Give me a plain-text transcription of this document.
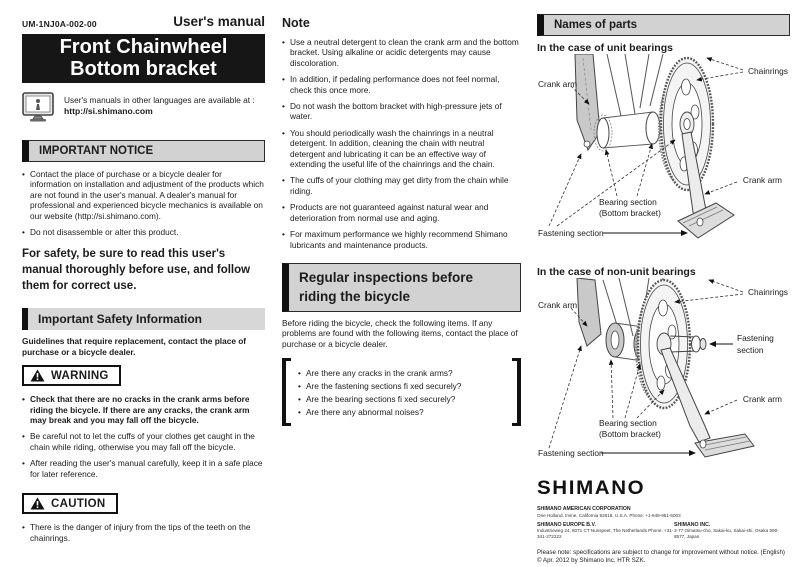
UM-1NJ0A-002-00	User's manual
Front Chainwheel
Bottom bracket
User's manuals in other languages are available at :
http://si.shimano.com
IMPORTANT NOTICE
• Contact the place of purchase or a bicycle dealer for information on installation and adjustment of the products which are not found in the user's manual. A dealer's manual for professional and experienced bicycle mechanics is available on our website (http://si.shimano.com).
• Do not disassemble or alter this product.
For safety, be sure to read this user's manual thoroughly before use, and follow them for correct use.
Important Safety Information
Guidelines that require replacement, contact the place of purchase or a bicycle dealer.
WARNING
• Check that there are no cracks in the crank arms before riding the bicycle. If there are any cracks, the crank arm may break and you may fall off the bicycle.
• Be careful not to let the cuffs of your clothes get caught in the chain while riding, otherwise you may fall off the bicycle.
• After reading the user's manual carefully, keep it in a safe place for later reference.
CAUTION
• There is the danger of injury from the tips of the teeth on the chainrings.
Note
• Use a neutral detergent to clean the crank arm and the bottom bracket. Using alkaline or acidic detergents may cause discoloration.
• In addition, if pedaling performance does not feel normal, check this once more.
• Do not wash the bottom bracket with high-pressure jets of water.
• You should periodically wash the chainrings in a neutral detergent. In addition, cleaning the chain with neutral detergent and lubricating it can be an effective way of extending the useful life of the chainrings and the chain.
• The cuffs of your clothing may get dirty from the chain while riding.
• Products are not guaranteed against natural wear and deterioration from normal use and aging.
• For maximum performance we highly recommend Shimano lubricants and maintenance products.
Regular inspections before riding the bicycle
Before riding the bicycle, check the following items. If any problems are found with the following items, contact the place of purchase or a bicycle dealer.
• Are there any cracks in the crank arms?
• Are the fastening sections fi xed securely?
• Are the bearing sections fi xed securely?
• Are there any abnormal noises?
Names of parts
In the case of unit bearings
Crank arm
Chainrings
Crank arm
Bearing section
(Bottom bracket)
Fastening section
In the case of non-unit bearings
Crank arm
Chainrings
Fastening
section
Crank arm
Bearing section
(Bottom bracket)
Fastening section
SHIMANO
SHIMANO AMERICAN CORPORATION
One Holland, Irvine, California 92618, U.S.A. Phone: +1-949-951-5003
SHIMANO EUROPE B.V.
Industrieweg 24, 8071 CT Nunspeet, The Netherlands Phone: +31-341-272222
SHIMANO INC.
3-77 Oimatsu-cho, Sakai-ku, Sakai-shi, Osaka 590-8577, Japan
Please note: specifications are subject to change for improvement without notice. (English)
© Apr. 2012 by Shimano Inc. HTR SZK.
